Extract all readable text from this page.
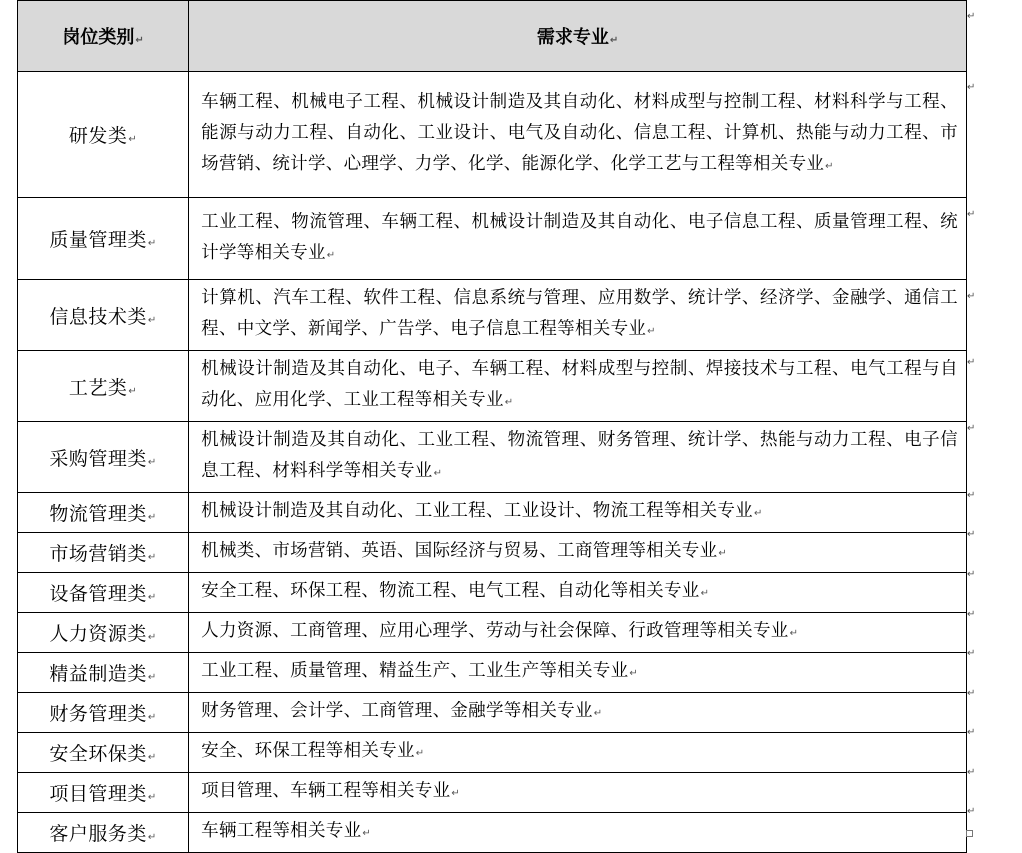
岗位类别↵	需求专业↵
研发类↵	车辆工程、机械电子工程、机械设计制造及其自动化、材料成型与控制工程、材料科学与工程、能源与动力工程、自动化、工业设计、电气及自动化、信息工程、计算机、热能与动力工程、市场营销、统计学、心理学、力学、化学、能源化学、化学工艺与工程等相关专业↵
质量管理类↵	工业工程、物流管理、车辆工程、机械设计制造及其自动化、电子信息工程、质量管理工程、统计学等相关专业↵
信息技术类↵	计算机、汽车工程、软件工程、信息系统与管理、应用数学、统计学、经济学、金融学、通信工程、中文学、新闻学、广告学、电子信息工程等相关专业↵
工艺类↵	机械设计制造及其自动化、电子、车辆工程、材料成型与控制、焊接技术与工程、电气工程与自动化、应用化学、工业工程等相关专业↵
采购管理类↵	机械设计制造及其自动化、工业工程、物流管理、财务管理、统计学、热能与动力工程、电子信息工程、材料科学等相关专业↵
物流管理类↵	机械设计制造及其自动化、工业工程、工业设计、物流工程等相关专业↵
市场营销类↵	机械类、市场营销、英语、国际经济与贸易、工商管理等相关专业↵
设备管理类↵	安全工程、环保工程、物流工程、电气工程、自动化等相关专业↵
人力资源类↵	人力资源、工商管理、应用心理学、劳动与社会保障、行政管理等相关专业↵
精益制造类↵	工业工程、质量管理、精益生产、工业生产等相关专业↵
财务管理类↵	财务管理、会计学、工商管理、金融学等相关专业↵
安全环保类↵	安全、环保工程等相关专业↵
项目管理类↵	项目管理、车辆工程等相关专业↵
客户服务类↵	车辆工程等相关专业↵
↵
↵
↵
↵
↵
↵
↵
↵
↵
↵
↵
↵
↵
↵
↵
